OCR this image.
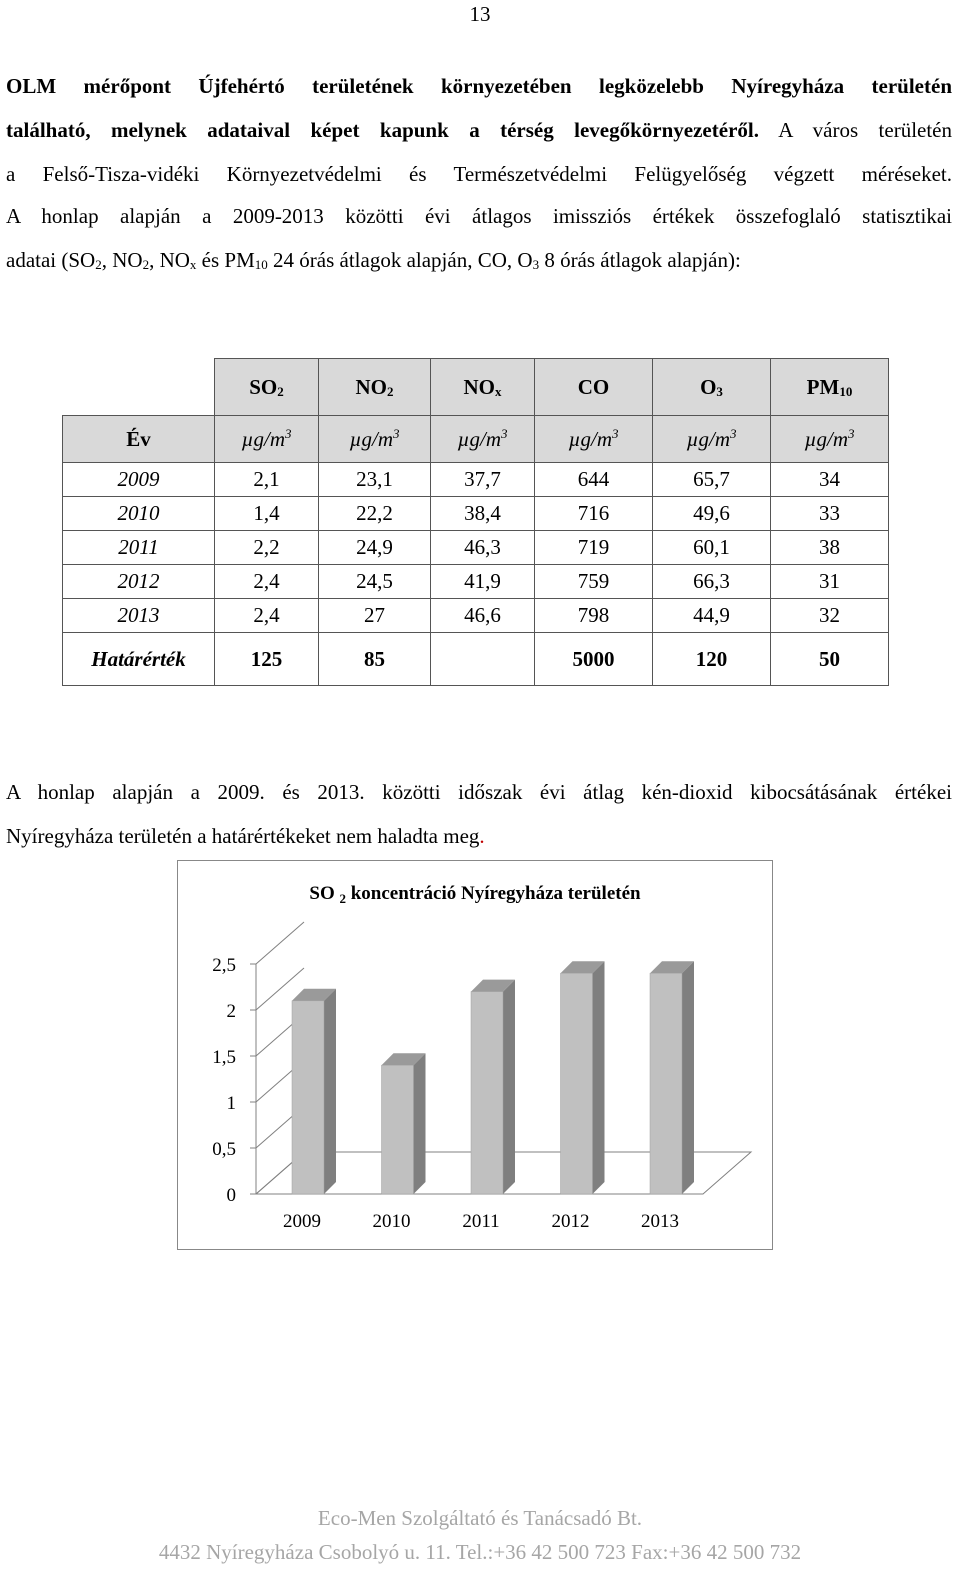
13
OLM mérőpont Újfehértó területének környezetében legközelebb Nyíregyháza területén
található, melynek adataival képet kapunk a térség levegőkörnyezetéről. A város területén
a Felső-Tisza-vidéki Környezetvédelmi és Természetvédelmi Felügyelőség végzett méréseket.
A honlap alapján a 2009-2013 közötti évi átlagos imissziós értékek összefoglaló statisztikai
adatai ($SO_2$, $NO_2$, $NO_x$ és $PM_{10}$ 24 órás átlagok alapján, CO, $O_3$ 8 órás átlagok alapján):
	$SO_2$	$NO_2$	$NO_x$	CO	$O_3$	$PM_{10}$
Év	$\mu g/m^3$	$\mu g/m^3$	$\mu g/m^3$	$\mu g/m^3$	$\mu g/m^3$	$\mu g/m^3$
2009	2,1	23,1	37,7	644	65,7	34
2010	1,4	22,2	38,4	716	49,6	33
2011	2,2	24,9	46,3	719	60,1	38
2012	2,4	24,5	41,9	759	66,3	31
2013	2,4	27	46,6	798	44,9	32
Határérték	125	85		5000	120	50
A honlap alapján a 2009. és 2013. közötti időszak évi átlag kén-dioxid kibocsátásának értékei
Nyíregyháza területén a határértékeket nem haladta meg.
SO $_2$ koncentráció Nyíregyháza területén
0
0,5
1
1,5
2
2,5
2009	2010	2011	2012	2013
Eco-Men Szolgáltató és Tanácsadó Bt.
4432 Nyíregyháza Csobolyó u. 11. Tel.:+36 42 500 723 Fax:+36 42 500 732
